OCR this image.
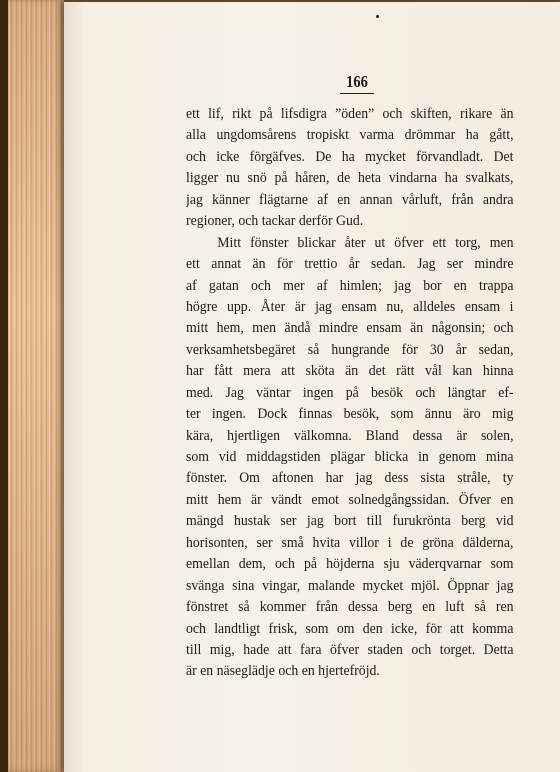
166
ett lif, rikt på lifsdigra ”öden” och skiften, rikare än
alla ungdomsårens tropiskt varma drömmar ha gått,
och icke förgäfves. De ha mycket förvandladt. Det
ligger nu snö på håren, de heta vindarna ha svalkats,
jag känner flägtarne af en annan vårluft, från andra
regioner, och tackar derför Gud.
Mitt fönster blickar åter ut öfver ett torg, men
ett annat än för trettio år sedan. Jag ser mindre
af gatan och mer af himlen; jag bor en trappa
högre upp. Åter är jag ensam nu, alldeles ensam i
mitt hem, men ändå mindre ensam än någonsin; och
verksamhetsbegäret så hungrande för 30 år sedan,
har fått mera att sköta än det rätt vål kan hinna
med. Jag väntar ingen på besök och längtar ef-
ter ingen. Dock finnas besök, som ännu äro mig
kära, hjertligen välkomna. Bland dessa är solen,
som vid middagstiden plägar blicka in genom mina
fönster. Om aftonen har jag dess sista stråle, ty
mitt hem är vändt emot solnedgångssidan. Öfver en
mängd hustak ser jag bort till furukrönta berg vid
horisonten, ser små hvita villor i de gröna dälderna,
emellan dem, och på höjderna sju väderqvarnar som
svänga sina vingar, malande mycket mjöl. Öppnar jag
fönstret så kommer från dessa berg en luft så ren
och landtligt frisk, som om den icke, för att komma
till mig, hade att fara öfver staden och torget. Detta
är en näseglädje och en hjertefröjd.
